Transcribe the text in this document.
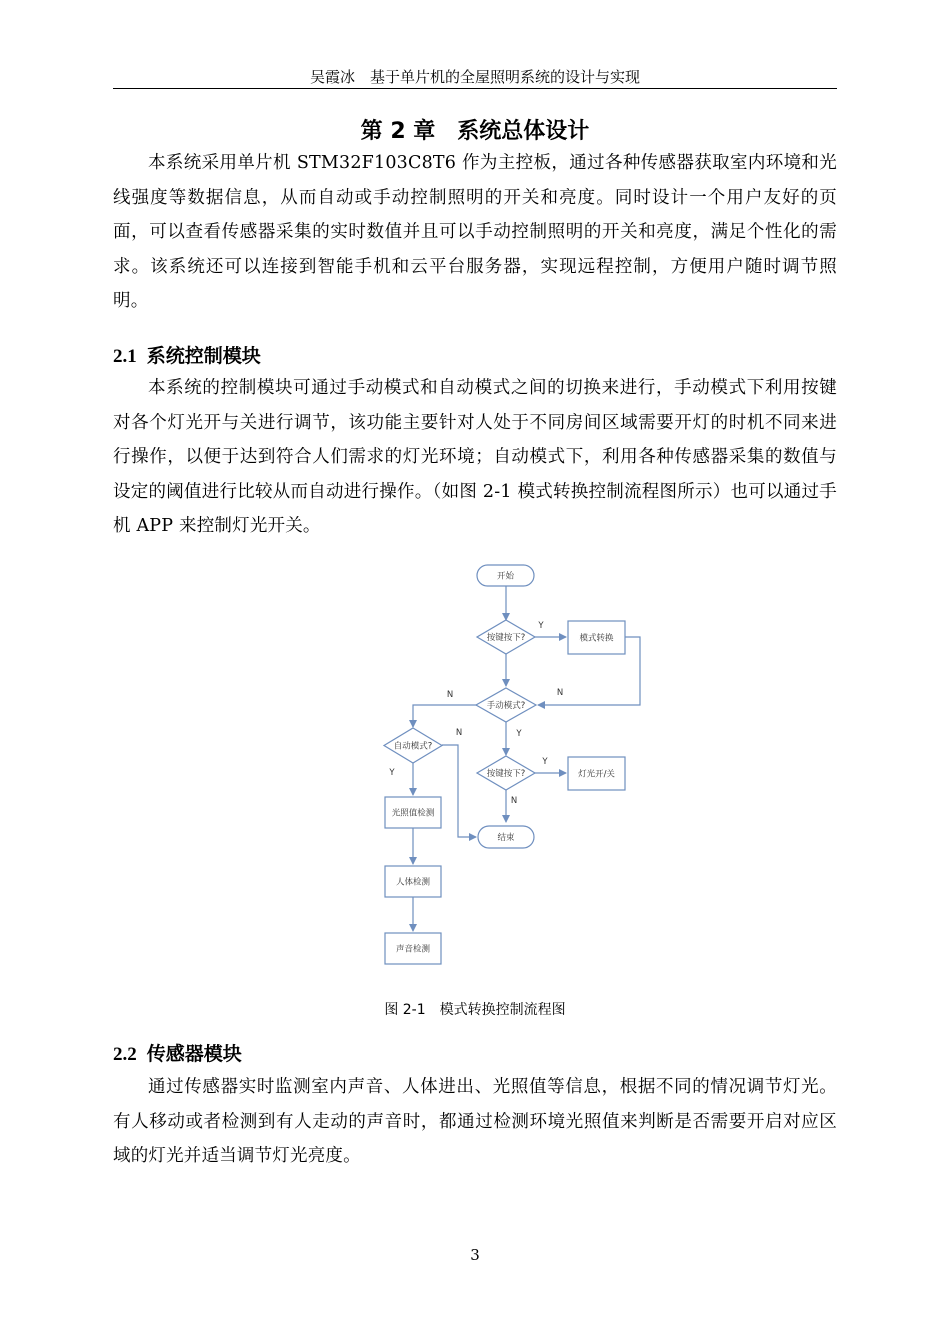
吴霞冰　基于单片机的全屋照明系统的设计与实现
第 2 章　系统总体设计

本系统采用单片机 STM32F103C8T6 作为主控板，通过各种传感器获取室内环境和光线强度等数据信息，从而自动或手动控制照明的开关和亮度。同时设计一个用户友好的页面，可以查看传感器采集的实时数值并且可以手动控制照明的开关和亮度，满足个性化的需求。该系统还可以连接到智能手机和云平台服务器，实现远程控制，方便用户随时调节照明。

2.1 系统控制模块

本系统的控制模块可通过手动模式和自动模式之间的切换来进行，手动模式下利用按键对各个灯光开与关进行调节，该功能主要针对人处于不同房间区域需要开灯的时机不同来进行操作，以便于达到符合人们需求的灯光环境；自动模式下，利用各种传感器采集的数值与设定的阈值进行比较从而自动进行操作。（如图 2-1 模式转换控制流程图所示）也可以通过手机 APP 来控制灯光开关。

开始
按键按下?	模式转换
手动模式?
自动模式?
按键按下?	灯光开/关
光照值检测
结束
人体检测
声音检测
Y
N	N
N	Y
Y
Y
N
图 2-1　模式转换控制流程图
2.2 传感器模块

通过传感器实时监测室内声音、人体进出、光照值等信息，根据不同的情况调节灯光。有人移动或者检测到有人走动的声音时，都通过检测环境光照值来判断是否需要开启对应区域的灯光并适当调节灯光亮度。

3
